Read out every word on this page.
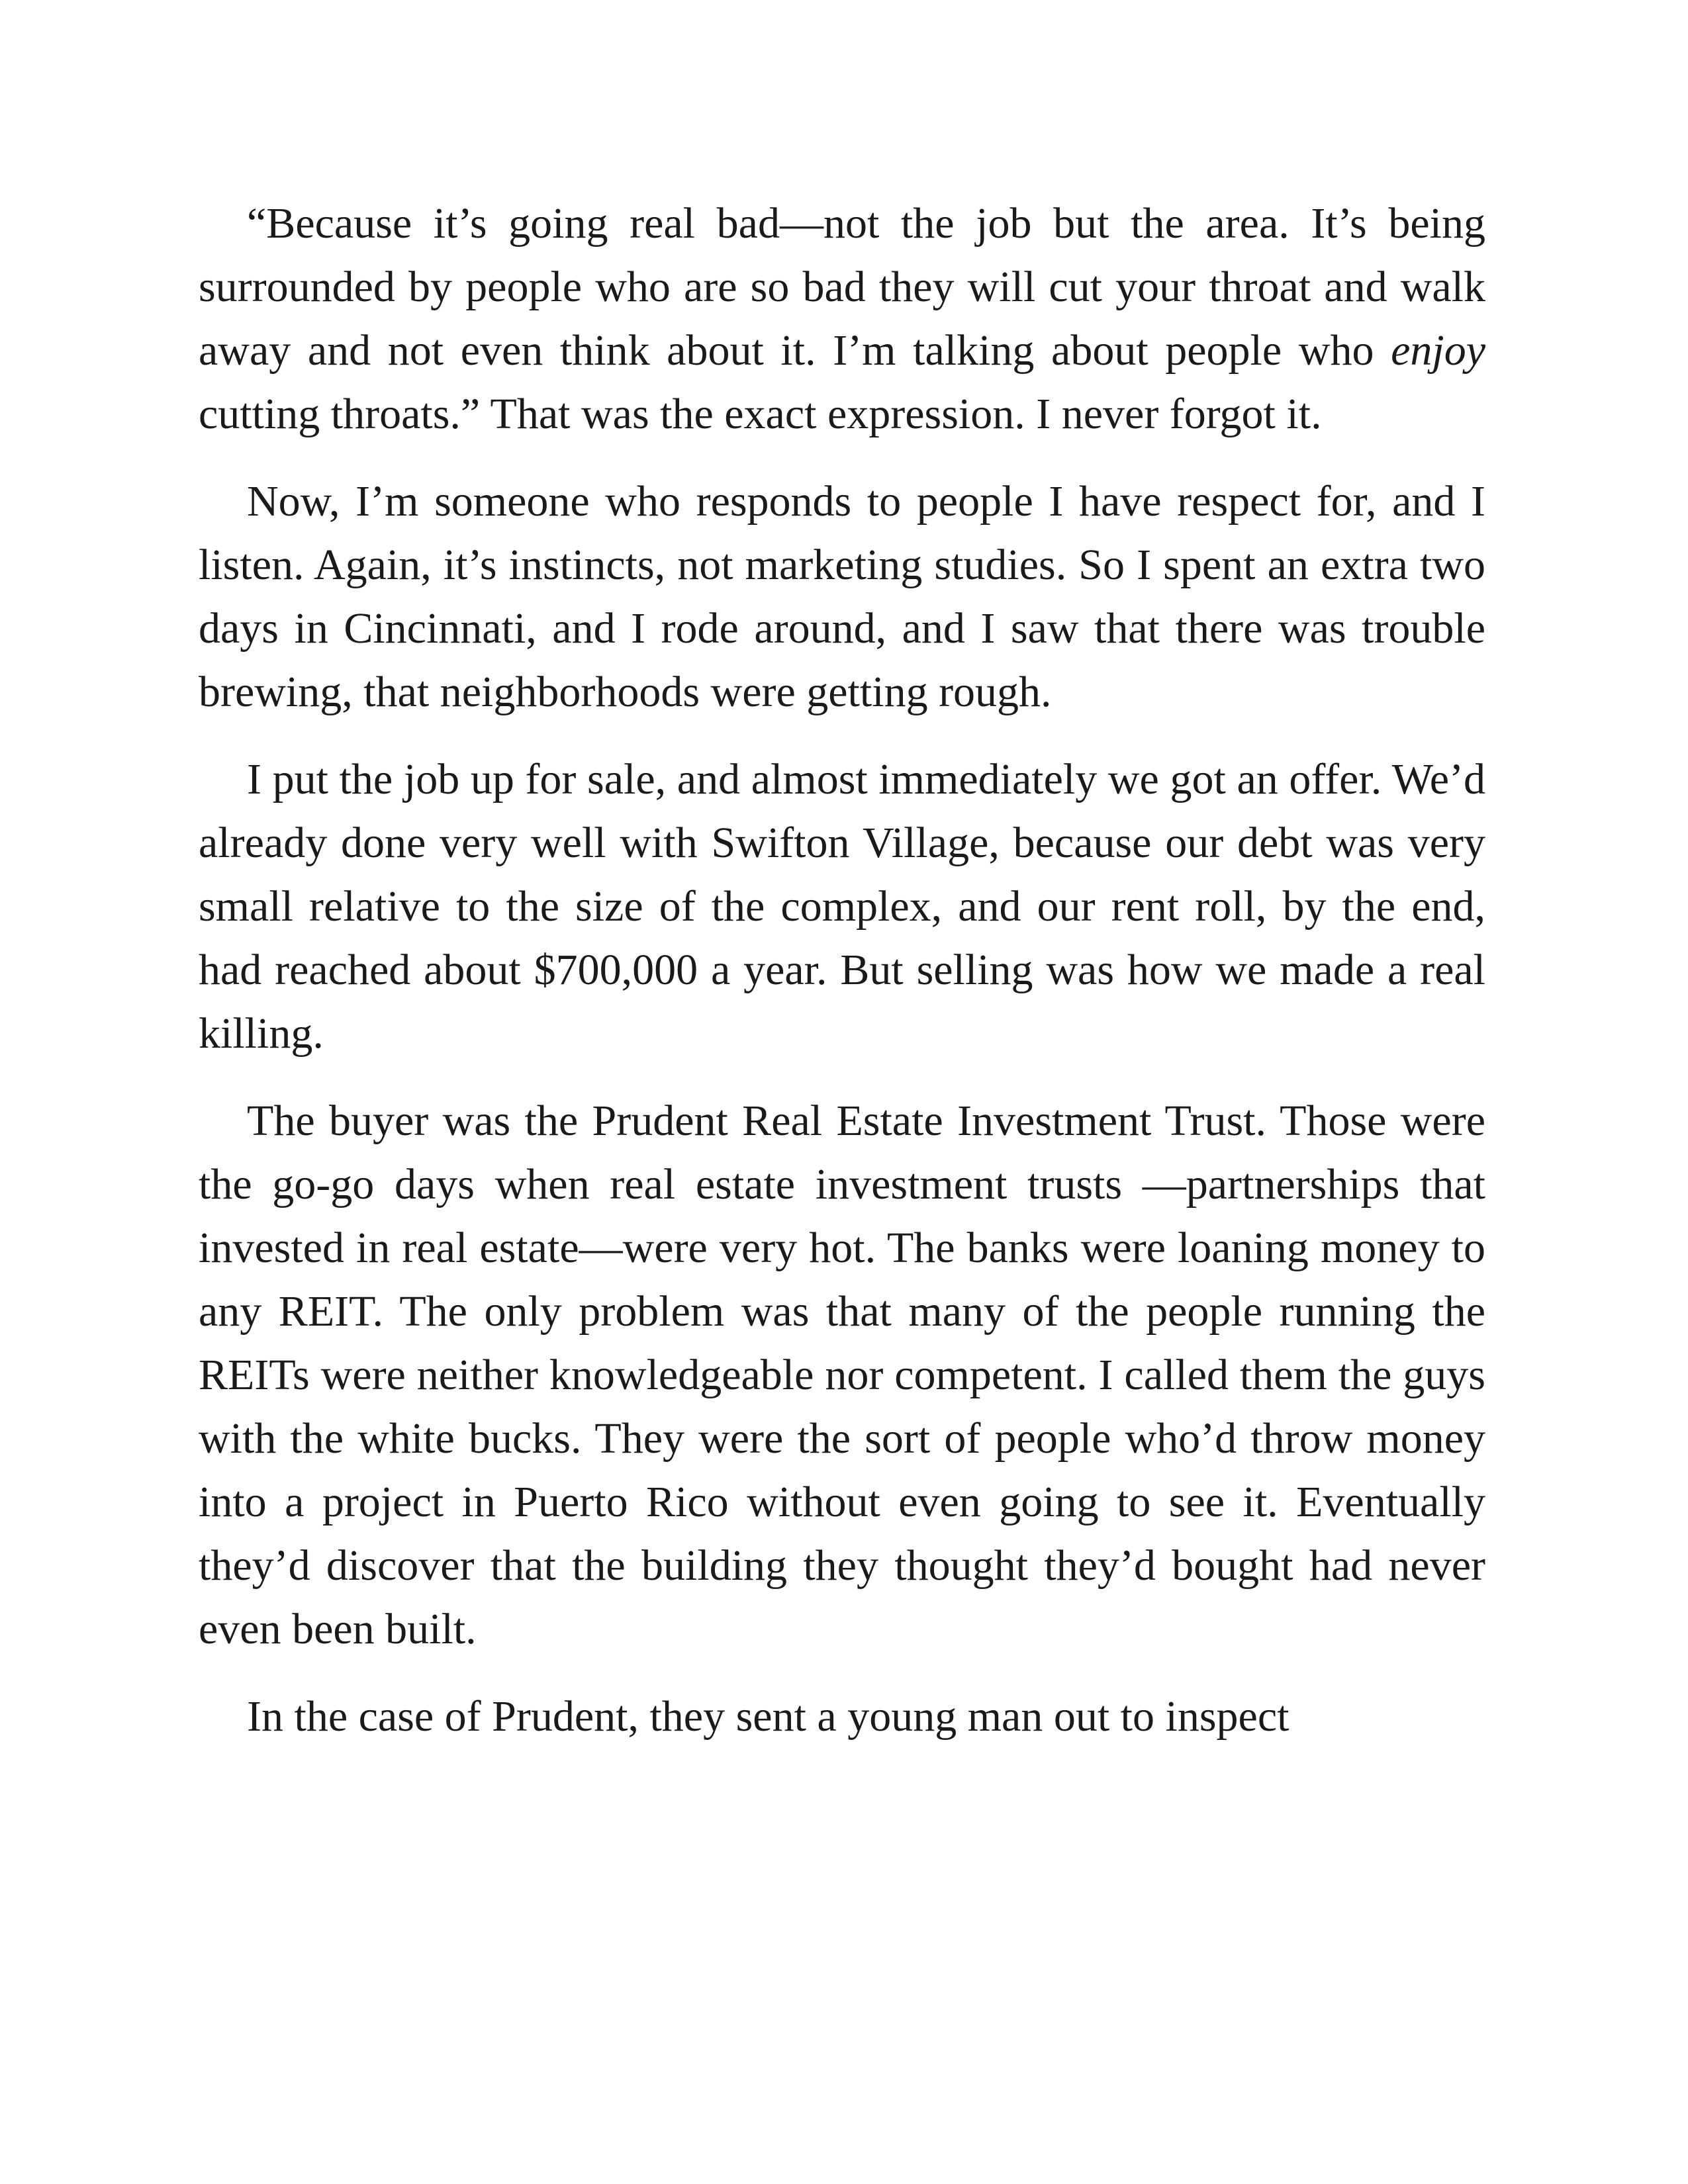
“Because it’s going real bad—not the job but the area. It’s being surrounded by people who are so bad they will cut your throat and walk away and not even think about it. I’m talking about people who enjoy cutting throats.” That was the exact expression. I never forgot it.

Now, I’m someone who responds to people I have respect for, and I listen. Again, it’s instincts, not marketing studies. So I spent an extra two days in Cincinnati, and I rode around, and I saw that there was trouble brewing, that neighborhoods were getting rough.

I put the job up for sale, and almost immediately we got an offer. We’d already done very well with Swifton Village, because our debt was very small relative to the size of the complex, and our rent roll, by the end, had reached about $700,000 a year. But selling was how we made a real killing.

The buyer was the Prudent Real Estate Investment Trust. Those were the go-go days when real estate investment trusts —partnerships that invested in real estate—were very hot. The banks were loaning money to any REIT. The only problem was that many of the people running the REITs were neither knowledgeable nor competent. I called them the guys with the white bucks. They were the sort of people who’d throw money into a project in Puerto Rico without even going to see it. Eventually they’d discover that the building they thought they’d bought had never even been built.

In the case of Prudent, they sent a young man out to inspect
